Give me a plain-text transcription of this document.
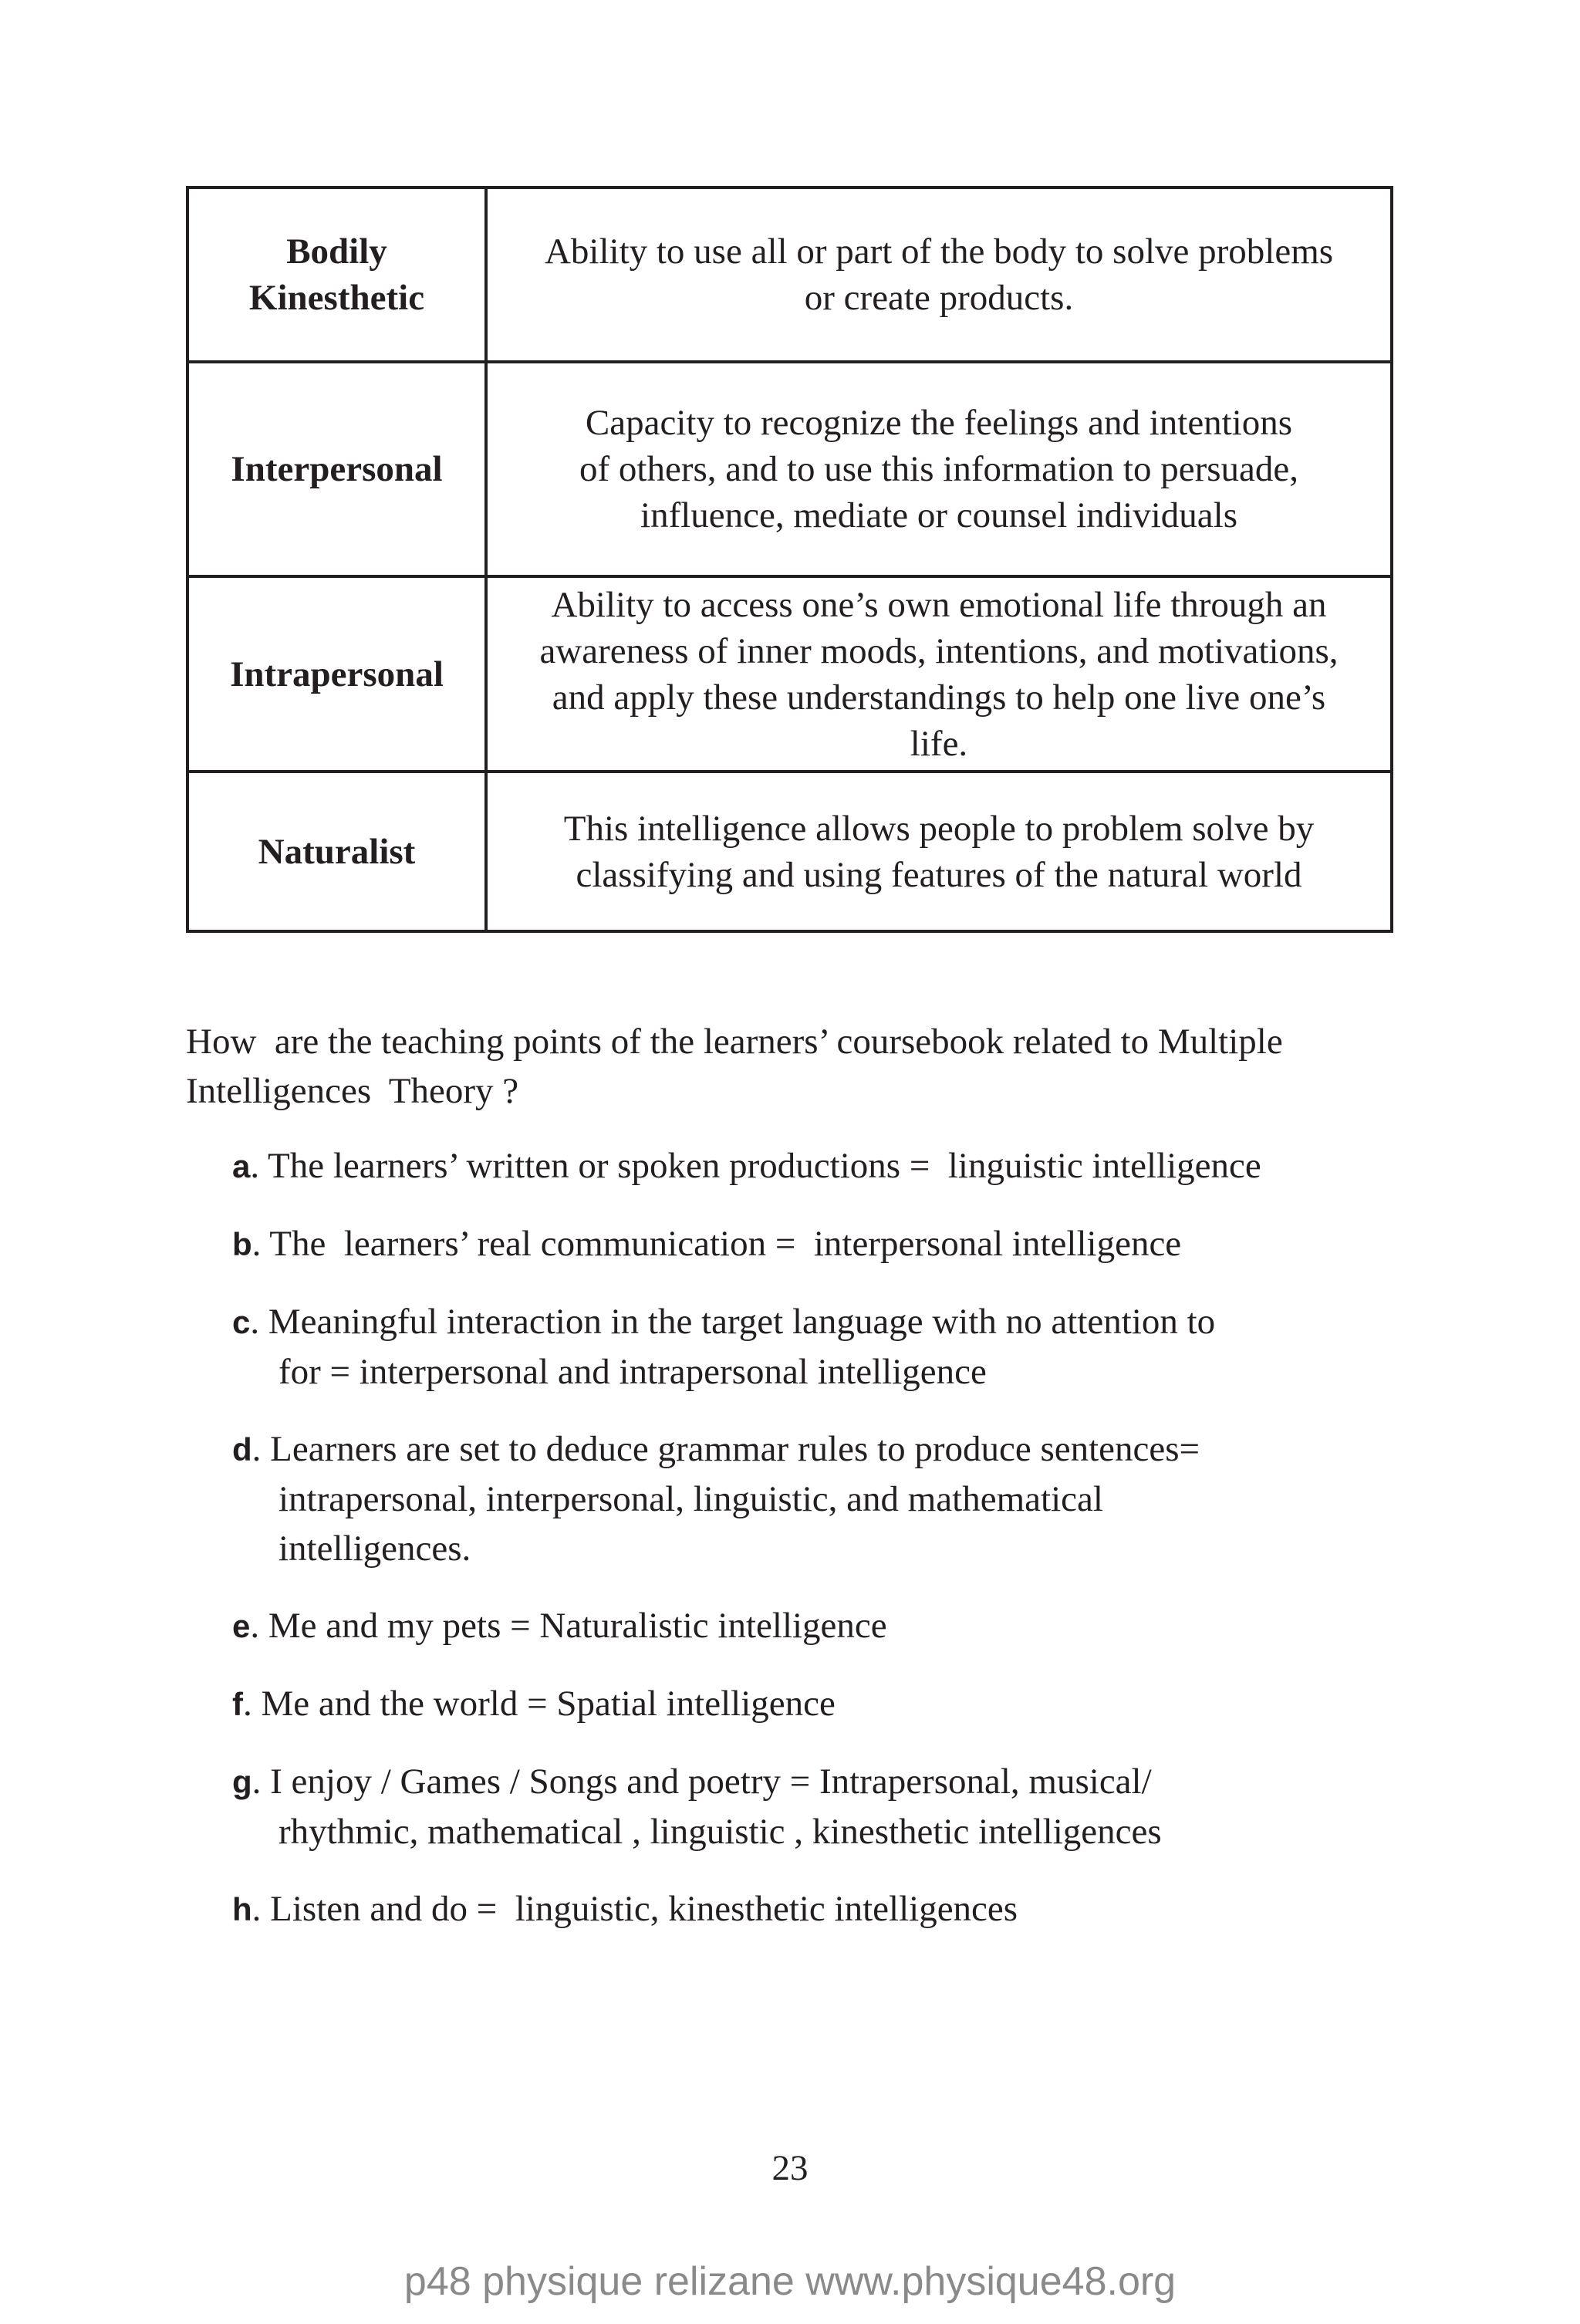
Bodily
Kinesthetic	Ability to use all or part of the body to solve problems
or create products.
Interpersonal	Capacity to recognize the feelings and intentions
of others, and to use this information to persuade,
influence, mediate or counsel individuals
Intrapersonal	Ability to access one’s own emotional life through an
awareness of inner moods, intentions, and motivations,
and apply these understandings to help one live one’s
life.
Naturalist	This intelligence allows people to problem solve by
classifying and using features of the natural world
How  are the teaching points of the learners’ coursebook related to Multiple
Intelligences  Theory ?
a. The learners’ written or spoken productions =  linguistic intelligence
b. The  learners’ real communication =  interpersonal intelligence
c. Meaningful interaction in the target language with no attention to
for = interpersonal and intrapersonal intelligence
d. Learners are set to deduce grammar rules to produce sentences=
intrapersonal, interpersonal, linguistic, and mathematical
intelligences.
e. Me and my pets = Naturalistic intelligence
f. Me and the world = Spatial intelligence
g. I enjoy / Games / Songs and poetry = Intrapersonal, musical/
rhythmic, mathematical , linguistic , kinesthetic intelligences
h. Listen and do =  linguistic, kinesthetic intelligences
23
p48 physique relizane www.physique48.org
